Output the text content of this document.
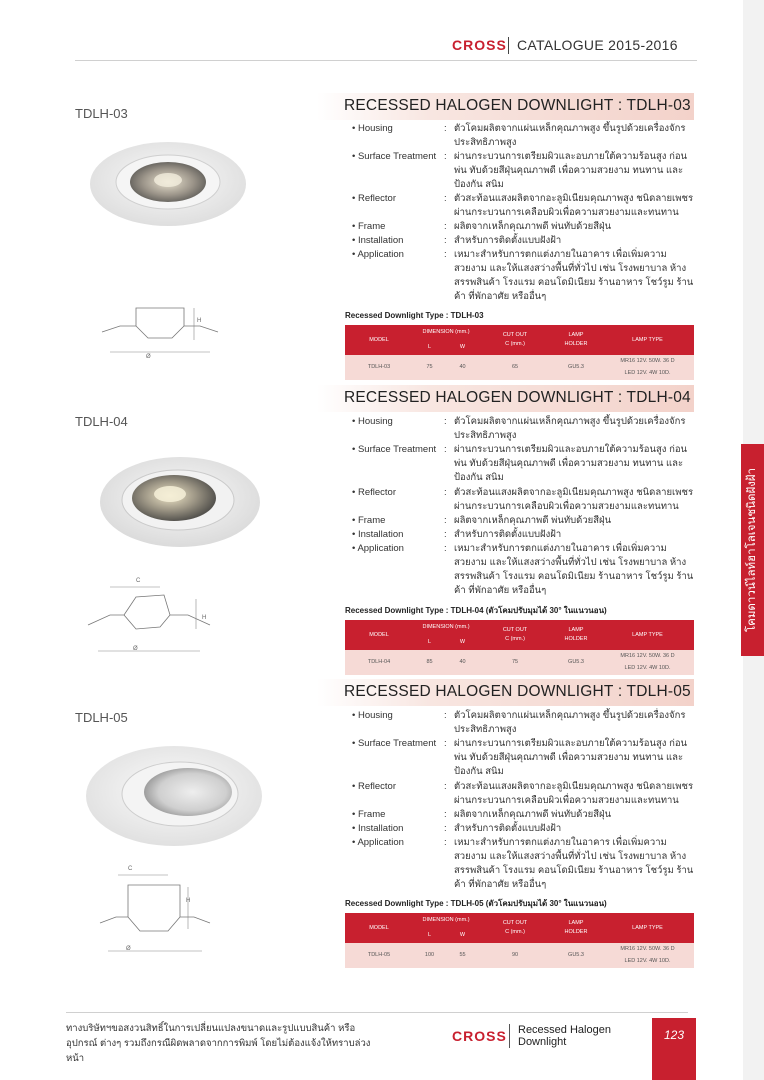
CROSS CATALOGUE 2015-2016
โคมดาวน์ไลท์ฮาโลเจนชนิดฝังฝ้า
TDLH-03	RECESSED HALOGEN DOWNLIGHT : TDLH-03
H
Ø
• Housing	: ตัวโคมผลิตจากแผ่นเหล็กคุณภาพสูง ขึ้นรูปด้วยเครื่องจักร ประสิทธิภาพสูง
• Surface Treatment : ผ่านกระบวนการเตรียมผิวและอบภายใต้ความร้อนสูง ก่อนพ่น ทับด้วยสีฝุ่นคุณภาพดี เพื่อความสวยงาม ทนทาน และป้องกัน สนิม
• Reflector	: ตัวสะท้อนแสงผลิตจากอะลูมิเนียมคุณภาพสูง ชนิดลายเพชร ผ่านกระบวนการเคลือบผิวเพื่อความสวยงามและทนทาน
• Frame	: ผลิตจากเหล็กคุณภาพดี พ่นทับด้วยสีฝุ่น
• Installation	: สำหรับการติดตั้งแบบฝังฝ้า
• Application	: เหมาะสำหรับการตกแต่งภายในอาคาร เพื่อเพิ่มความสวยงาม และให้แสงสว่างพื้นที่ทั่วไป เช่น โรงพยาบาล ห้างสรรพสินค้า โรงแรม คอนโดมิเนียม ร้านอาหาร โชว์รูม ร้านค้า ที่พักอาศัย หรืออื่นๆ
Recessed Downlight Type : TDLH-03
MODEL
DIMENSION (mm.)
L	W
CUT OUT
C (mm.)
LAMP
HOLDER
LAMP TYPE
TDLH-03	75	40	65	GU5.3
MR16 12V. 50W. 36 D
LED 12V. 4W 10D.
TDLH-04
RECESSED HALOGEN DOWNLIGHT : TDLH-04
C
H
Ø
• Housing	: ตัวโคมผลิตจากแผ่นเหล็กคุณภาพสูง ขึ้นรูปด้วยเครื่องจักร ประสิทธิภาพสูง
• Surface Treatment : ผ่านกระบวนการเตรียมผิวและอบภายใต้ความร้อนสูง ก่อนพ่น ทับด้วยสีฝุ่นคุณภาพดี เพื่อความสวยงาม ทนทาน และป้องกัน สนิม
• Reflector	: ตัวสะท้อนแสงผลิตจากอะลูมิเนียมคุณภาพสูง ชนิดลายเพชร ผ่านกระบวนการเคลือบผิวเพื่อความสวยงามและทนทาน
• Frame	: ผลิตจากเหล็กคุณภาพดี พ่นทับด้วยสีฝุ่น
• Installation	: สำหรับการติดตั้งแบบฝังฝ้า
• Application	: เหมาะสำหรับการตกแต่งภายในอาคาร เพื่อเพิ่มความสวยงาม และให้แสงสว่างพื้นที่ทั่วไป เช่น โรงพยาบาล ห้างสรรพสินค้า โรงแรม คอนโดมิเนียม ร้านอาหาร โชว์รูม ร้านค้า ที่พักอาศัย หรืออื่นๆ
Recessed Downlight Type : TDLH-04 (ตัวโคมปรับมุมได้ 30° ในแนวนอน)
MODEL
DIMENSION (mm.)
L	W
CUT OUT
C (mm.)
LAMP
HOLDER
LAMP TYPE
TDLH-04	85	40	75	GU5.3
MR16 12V. 50W. 36 D
LED 12V. 4W 10D.
TDLH-05
RECESSED HALOGEN DOWNLIGHT : TDLH-05
C
H
Ø
• Housing	: ตัวโคมผลิตจากแผ่นเหล็กคุณภาพสูง ขึ้นรูปด้วยเครื่องจักร ประสิทธิภาพสูง
• Surface Treatment : ผ่านกระบวนการเตรียมผิวและอบภายใต้ความร้อนสูง ก่อนพ่น ทับด้วยสีฝุ่นคุณภาพดี เพื่อความสวยงาม ทนทาน และป้องกัน สนิม
• Reflector	: ตัวสะท้อนแสงผลิตจากอะลูมิเนียมคุณภาพสูง ชนิดลายเพชร ผ่านกระบวนการเคลือบผิวเพื่อความสวยงามและทนทาน
• Frame	: ผลิตจากเหล็กคุณภาพดี พ่นทับด้วยสีฝุ่น
• Installation	: สำหรับการติดตั้งแบบฝังฝ้า
• Application	: เหมาะสำหรับการตกแต่งภายในอาคาร เพื่อเพิ่มความสวยงาม และให้แสงสว่างพื้นที่ทั่วไป เช่น โรงพยาบาล ห้างสรรพสินค้า โรงแรม คอนโดมิเนียม ร้านอาหาร โชว์รูม ร้านค้า ที่พักอาศัย หรืออื่นๆ
Recessed Downlight Type : TDLH-05 (ตัวโคมปรับมุมได้ 30° ในแนวนอน)
MODEL
DIMENSION (mm.)
L	W
CUT OUT
C (mm.)
LAMP
HOLDER
LAMP TYPE
TDLH-05	100	55	90	GU5.3
MR16 12V. 50W. 36 D
LED 12V. 4W 10D.
ทางบริษัทฯขอสงวนสิทธิ์ในการเปลี่ยนแปลงขนาดและรูปแบบสินค้า หรือ อุปกรณ์ ต่างๆ รวมถึงกรณีผิดพลาดจากการพิมพ์ โดยไม่ต้องแจ้งให้ทราบล่วงหน้า
CROSS Recessed Halogen
Downlight	123
